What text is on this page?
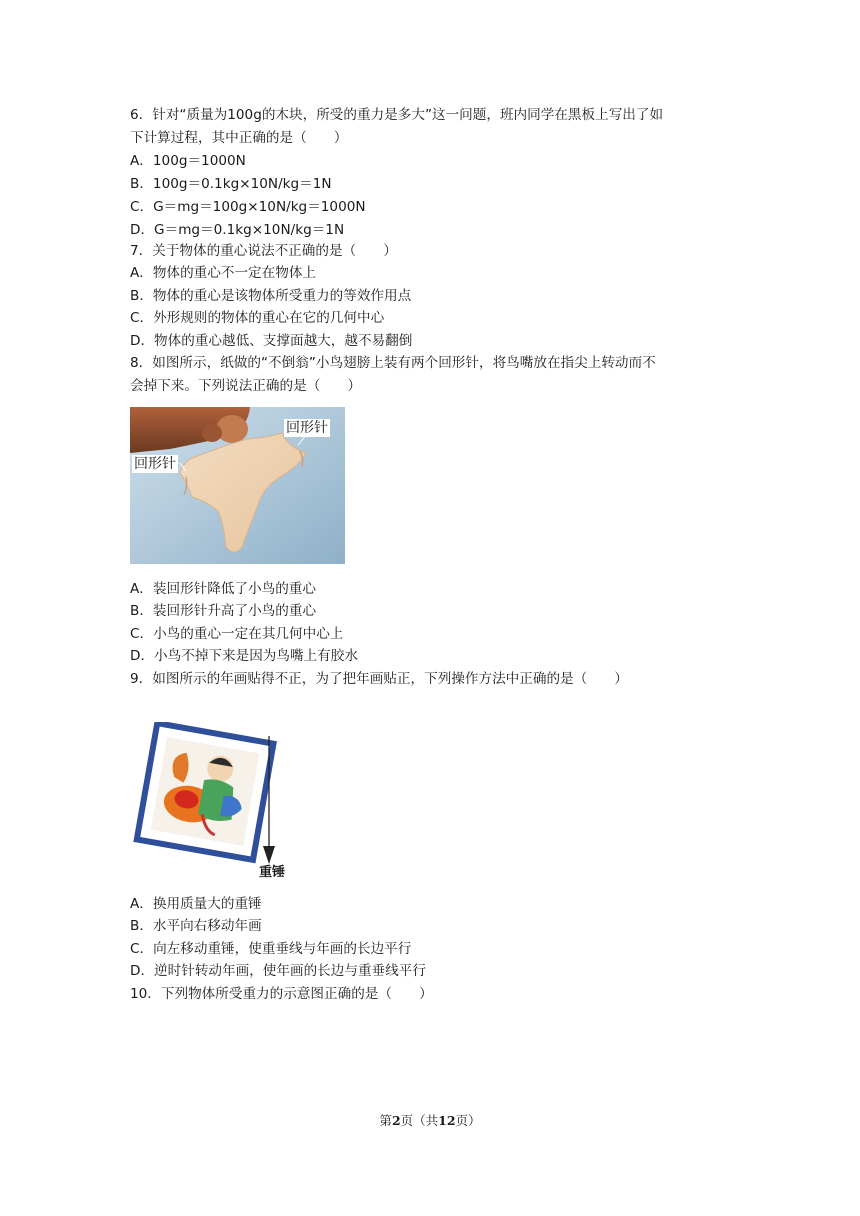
6．针对“质量为100g的木块，所受的重力是多大”这一问题，班内同学在黑板上写出了如
下计算过程，其中正确的是（　　）
A．100g＝1000N
B．100g＝0.1kg×10N/kg＝1N
C．G＝mg＝100g×10N/kg＝1000N
D．G＝mg＝0.1kg×10N/kg＝1N
7．关于物体的重心说法不正确的是（　　）
A．物体的重心不一定在物体上
B．物体的重心是该物体所受重力的等效作用点
C．外形规则的物体的重心在它的几何中心
D．物体的重心越低、支撑面越大，越不易翻倒
8．如图所示，纸做的“不倒翁”小鸟翅膀上装有两个回形针，将鸟嘴放在指尖上转动而不
会掉下来。下列说法正确的是（　　）
回形针
回形针
A．装回形针降低了小鸟的重心
B．装回形针升高了小鸟的重心
C．小鸟的重心一定在其几何中心上
D．小鸟不掉下来是因为鸟嘴上有胶水
9．如图所示的年画贴得不正，为了把年画贴正，下列操作方法中正确的是（　　）
重锤
A．换用质量大的重锤
B．水平向右移动年画
C．向左移动重锤，使重垂线与年画的长边平行
D．逆时针转动年画，使年画的长边与重垂线平行
10．下列物体所受重力的示意图正确的是（　　）
第2页（共12页）
